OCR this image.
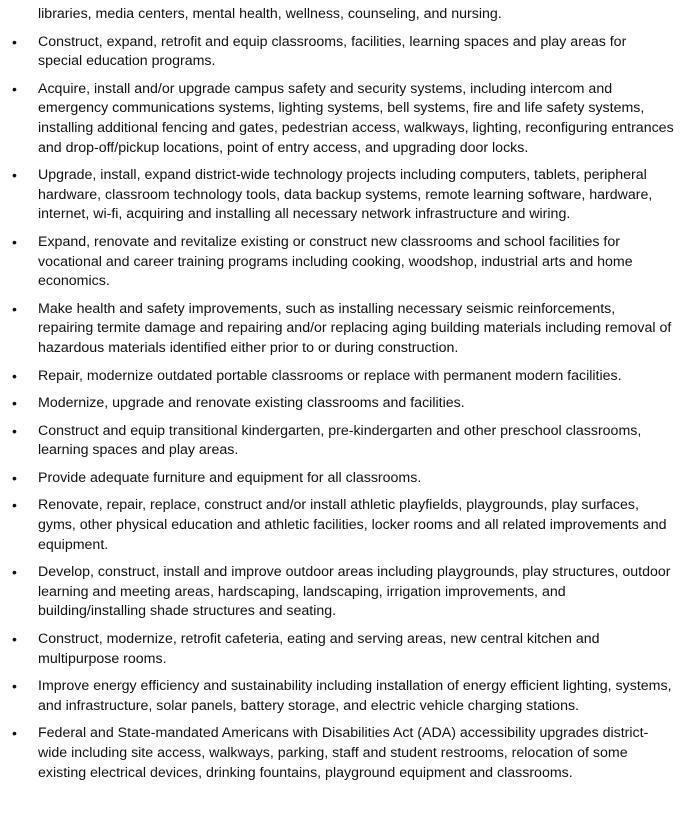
libraries, media centers, mental health, wellness, counseling, and nursing.

• Construct, expand, retrofit and equip classrooms, facilities, learning spaces and play areas for special education programs.
• Acquire, install and/or upgrade campus safety and security systems, including intercom and emergency communications systems, lighting systems, bell systems, fire and life safety systems, installing additional fencing and gates, pedestrian access, walkways, lighting, reconfiguring entrances and drop-off/pickup locations, point of entry access, and upgrading door locks.
• Upgrade, install, expand district-wide technology projects including computers, tablets, peripheral hardware, classroom technology tools, data backup systems, remote learning software, hardware, internet, wi-fi, acquiring and installing all necessary network infrastructure and wiring.
• Expand, renovate and revitalize existing or construct new classrooms and school facilities for vocational and career training programs including cooking, woodshop, industrial arts and home economics.
• Make health and safety improvements, such as installing necessary seismic reinforcements, repairing termite damage and repairing and/or replacing aging building materials including removal of hazardous materials identified either prior to or during construction.
• Repair, modernize outdated portable classrooms or replace with permanent modern facilities.
• Modernize, upgrade and renovate existing classrooms and facilities.
• Construct and equip transitional kindergarten, pre-kindergarten and other preschool classrooms, learning spaces and play areas.
• Provide adequate furniture and equipment for all classrooms.
• Renovate, repair, replace, construct and/or install athletic playfields, playgrounds, play surfaces, gyms, other physical education and athletic facilities, locker rooms and all related improvements and equipment.
• Develop, construct, install and improve outdoor areas including playgrounds, play structures, outdoor learning and meeting areas, hardscaping, landscaping, irrigation improvements, and building/installing shade structures and seating.
• Construct, modernize, retrofit cafeteria, eating and serving areas, new central kitchen and multipurpose rooms.
• Improve energy efficiency and sustainability including installation of energy efficient lighting, systems, and infrastructure, solar panels, battery storage, and electric vehicle charging stations.
• Federal and State-mandated Americans with Disabilities Act (ADA) accessibility upgrades district-wide including site access, walkways, parking, staff and student restrooms, relocation of some existing electrical devices, drinking fountains, playground equipment and classrooms.
